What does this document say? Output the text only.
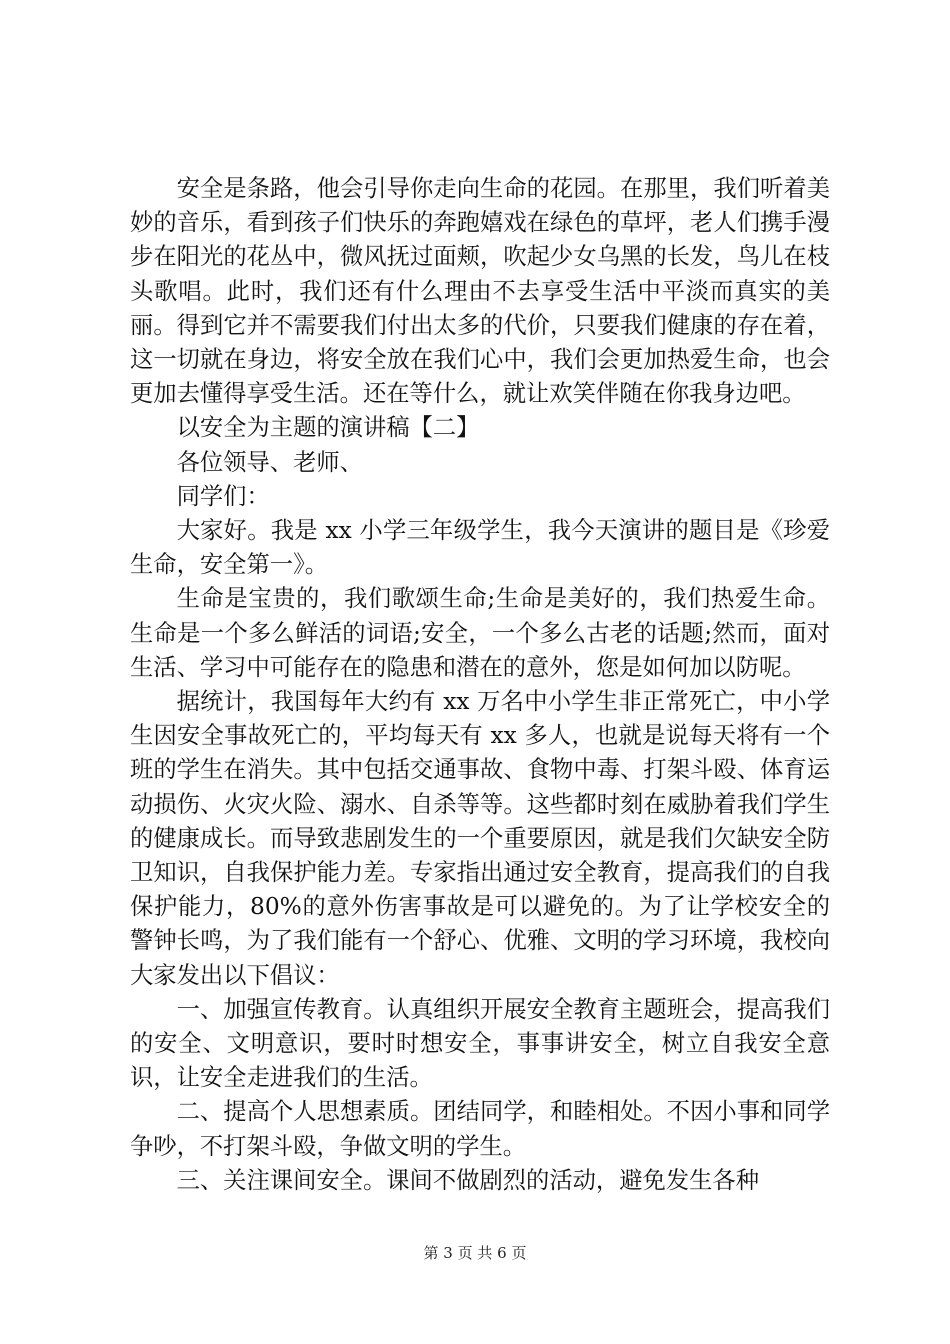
安全是条路，他会引导你走向生命的花园。在那里，我们听着美妙的音乐，看到孩子们快乐的奔跑嬉戏在绿色的草坪，老人们携手漫步在阳光的花丛中，微风抚过面颊，吹起少女乌黑的长发，鸟儿在枝头歌唱。此时，我们还有什么理由不去享受生活中平淡而真实的美丽。得到它并不需要我们付出太多的代价，只要我们健康的存在着，这一切就在身边，将安全放在我们心中，我们会更加热爱生命，也会更加去懂得享受生活。还在等什么，就让欢笑伴随在你我身边吧。

以安全为主题的演讲稿【二】

各位领导、老师、

同学们：

大家好。我是 xx 小学三年级学生，我今天演讲的题目是《珍爱生命，安全第一》。

生命是宝贵的，我们歌颂生命;生命是美好的，我们热爱生命。生命是一个多么鲜活的词语;安全，一个多么古老的话题;然而，面对生活、学习中可能存在的隐患和潜在的意外，您是如何加以防呢。

据统计，我国每年大约有 xx 万名中小学生非正常死亡，中小学生因安全事故死亡的，平均每天有 xx 多人，也就是说每天将有一个班的学生在消失。其中包括交通事故、食物中毒、打架斗殴、体育运动损伤、火灾火险、溺水、自杀等等。这些都时刻在威胁着我们学生的健康成长。而导致悲剧发生的一个重要原因，就是我们欠缺安全防卫知识，自我保护能力差。专家指出通过安全教育，提高我们的自我保护能力，80%的意外伤害事故是可以避免的。为了让学校安全的警钟长鸣，为了我们能有一个舒心、优雅、文明的学习环境，我校向大家发出以下倡议：

一、加强宣传教育。认真组织开展安全教育主题班会，提高我们的安全、文明意识，要时时想安全，事事讲安全，树立自我安全意识，让安全走进我们的生活。

二、提高个人思想素质。团结同学，和睦相处。不因小事和同学争吵，不打架斗殴，争做文明的学生。

三、关注课间安全。课间不做剧烈的活动，避免发生各种

第 3 页 共 6 页
